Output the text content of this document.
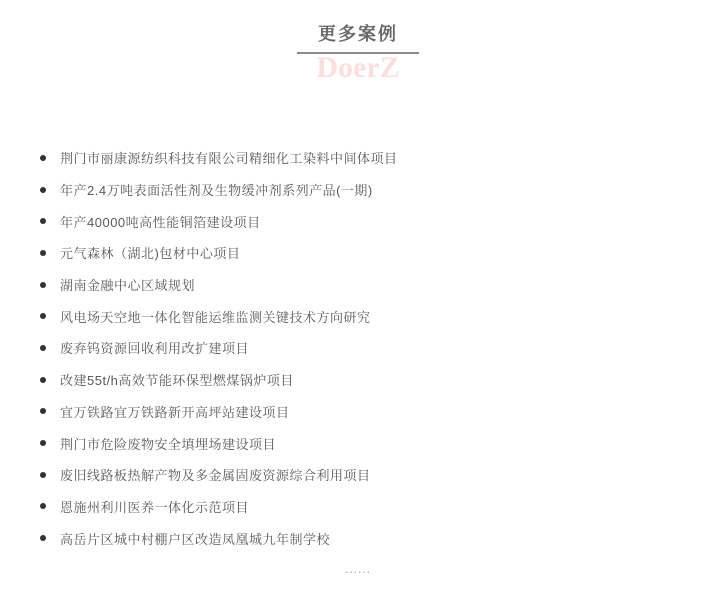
更多案例
DoerZ
荆门市丽康源纺织科技有限公司精细化工染料中间体项目
年产2.4万吨表面活性剂及生物缓冲剂系列产品(一期)
年产40000吨高性能铜箔建设项目
元气森林（湖北)包材中心项目
湖南金融中心区域规划
风电场天空地一体化智能运维监测关键技术方向研究
废弃钨资源回收利用改扩建项目
改建55t/h高效节能环保型燃煤锅炉项目
宜万铁路宜万铁路新开高坪站建设项目
荆门市危险废物安全填埋场建设项目
废旧线路板热解产物及多金属固废资源综合利用项目
恩施州利川医养一体化示范项目
高岳片区城中村棚户区改造凤凰城九年制学校
......
